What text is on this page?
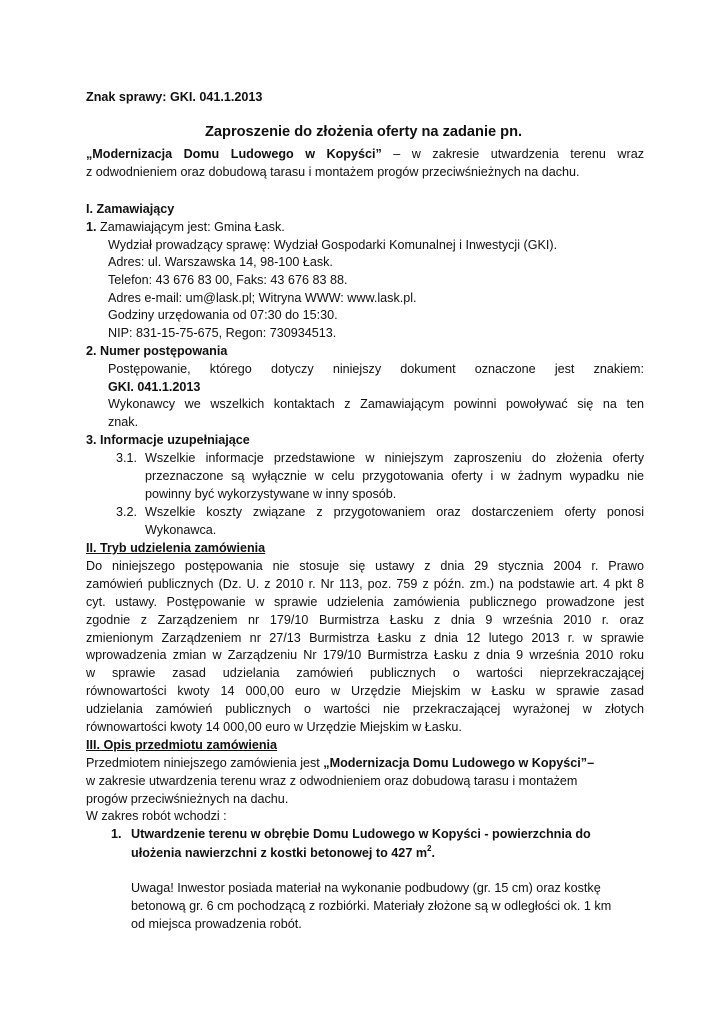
Znak sprawy: GKI. 041.1.2013
Zaproszenie do złożenia oferty na zadanie pn.
„Modernizacja Domu Ludowego w Kopyści” – w zakresie utwardzenia terenu wraz
z odwodnieniem oraz dobudową tarasu i montażem progów przeciwśnieżnych na dachu.
I. Zamawiający
1. Zamawiającym jest: Gmina Łask.
Wydział prowadzący sprawę: Wydział Gospodarki Komunalnej i Inwestycji (GKI).
Adres: ul. Warszawska 14, 98-100 Łask.
Telefon: 43 676 83 00, Faks: 43 676 83 88.
Adres e-mail: um@lask.pl; Witryna WWW: www.lask.pl.
Godziny urzędowania od 07:30 do 15:30.
NIP: 831-15-75-675, Regon: 730934513.
2. Numer postępowania
Postępowanie, którego dotyczy niniejszy dokument oznaczone jest znakiem:
GKI. 041.1.2013
Wykonawcy we wszelkich kontaktach z Zamawiającym powinni powoływać się na ten
znak.
3. Informacje uzupełniające
3.1. Wszelkie informacje przedstawione w niniejszym zaproszeniu do złożenia oferty
przeznaczone są wyłącznie w celu przygotowania oferty i w żadnym wypadku nie
powinny być wykorzystywane w inny sposób.
3.2. Wszelkie koszty związane z przygotowaniem oraz dostarczeniem oferty ponosi
Wykonawca.
II. Tryb udzielenia zamówienia
Do niniejszego postępowania nie stosuje się ustawy z dnia 29 stycznia 2004 r. Prawo
zamówień publicznych (Dz. U. z 2010 r. Nr 113, poz. 759 z późn. zm.) na podstawie art. 4 pkt 8
cyt. ustawy. Postępowanie w sprawie udzielenia zamówienia publicznego prowadzone jest
zgodnie z Zarządzeniem nr 179/10 Burmistrza Łasku z dnia 9 września 2010 r. oraz
zmienionym Zarządzeniem nr 27/13 Burmistrza Łasku z dnia 12 lutego 2013 r. w sprawie
wprowadzenia zmian w Zarządzeniu Nr 179/10 Burmistrza Łasku z dnia 9 września 2010 roku
w sprawie zasad udzielania zamówień publicznych o wartości nieprzekraczającej
równowartości kwoty 14 000,00 euro w Urzędzie Miejskim w Łasku w sprawie zasad
udzielania zamówień publicznych o wartości nie przekraczającej wyrażonej w złotych
równowartości kwoty 14 000,00 euro w Urzędzie Miejskim w Łasku.
III. Opis przedmiotu zamówienia
Przedmiotem niniejszego zamówienia jest „Modernizacja Domu Ludowego w Kopyści”–
w zakresie utwardzenia terenu wraz z odwodnieniem oraz dobudową tarasu i montażem
progów przeciwśnieżnych na dachu.
W zakres robót wchodzi :
1. Utwardzenie terenu w obrębie Domu Ludowego w Kopyści - powierzchnia do
ułożenia nawierzchni z kostki betonowej to 427 $m^2$.
Uwaga! Inwestor posiada materiał na wykonanie podbudowy (gr. 15 cm) oraz kostkę
betonową gr. 6 cm pochodzącą z rozbiórki. Materiały złożone są w odległości ok. 1 km
od miejsca prowadzenia robót.
